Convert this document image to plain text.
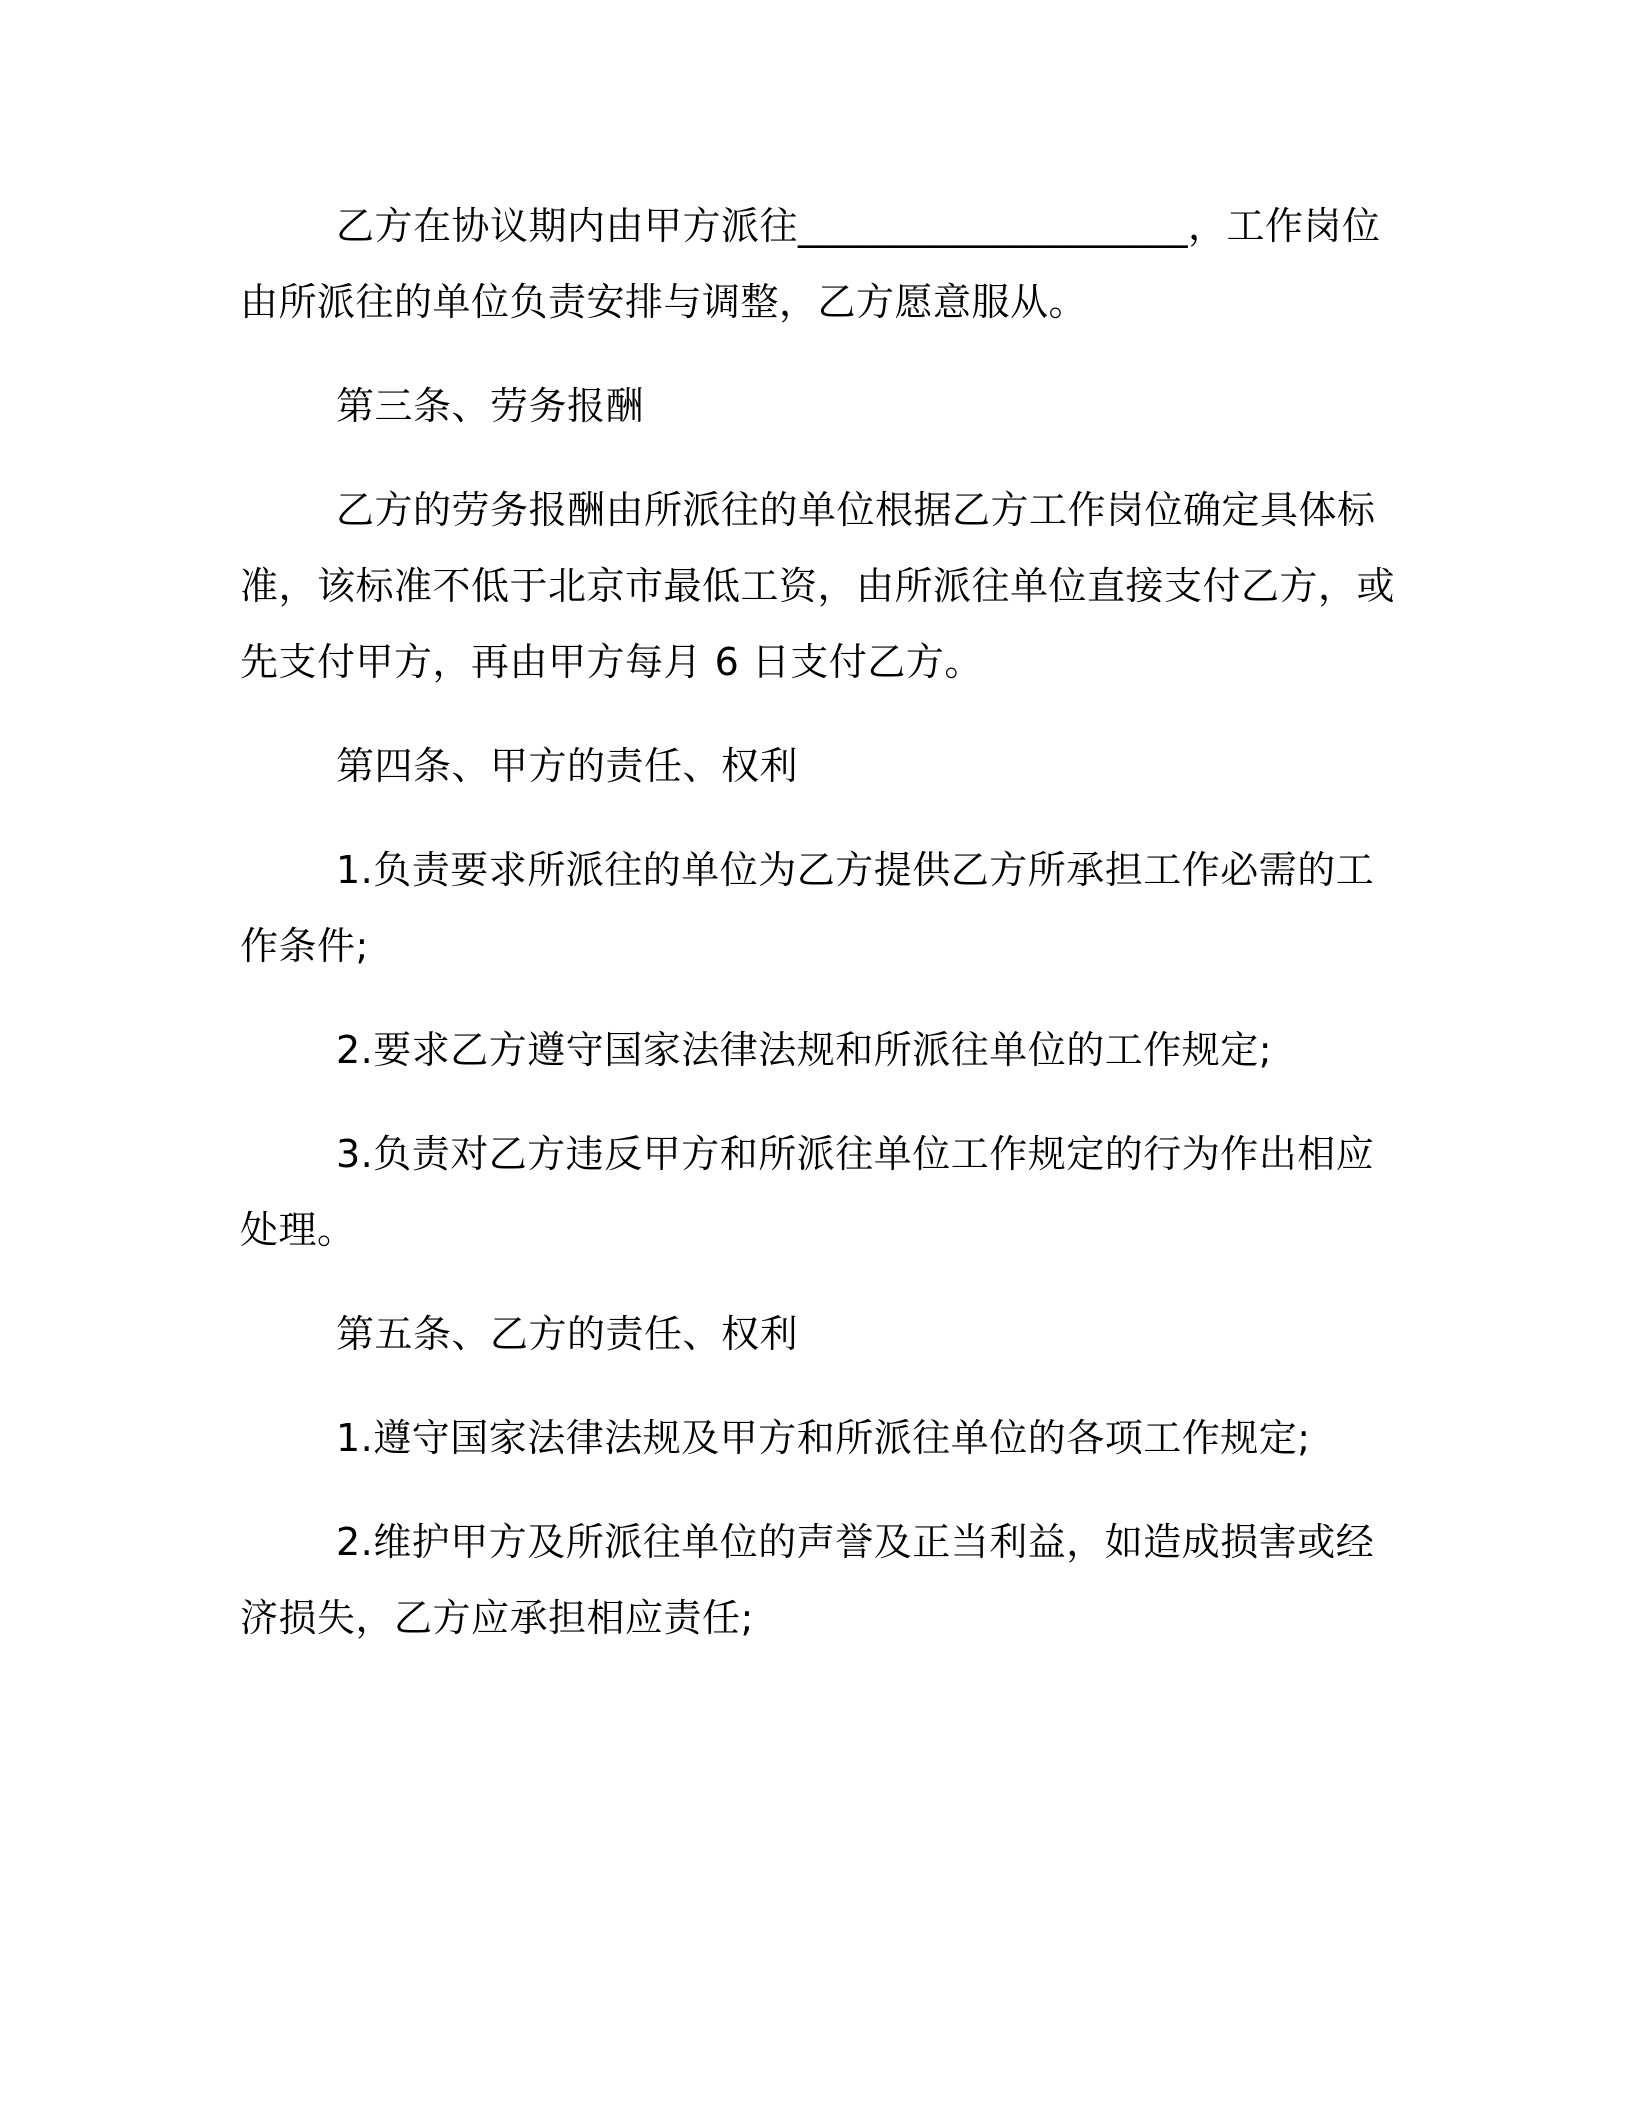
乙方在协议期内由甲方派往____________________，工作岗位由所派往的单位负责安排与调整，乙方愿意服从。

第三条、劳务报酬

乙方的劳务报酬由所派往的单位根据乙方工作岗位确定具体标准，该标准不低于北京市最低工资，由所派往单位直接支付乙方，或先支付甲方，再由甲方每月 6 日支付乙方。

第四条、甲方的责任、权利

1.负责要求所派往的单位为乙方提供乙方所承担工作必需的工作条件;

2.要求乙方遵守国家法律法规和所派往单位的工作规定;

3.负责对乙方违反甲方和所派往单位工作规定的行为作出相应处理。

第五条、乙方的责任、权利

1.遵守国家法律法规及甲方和所派往单位的各项工作规定;

2.维护甲方及所派往单位的声誉及正当利益，如造成损害或经济损失，乙方应承担相应责任;
